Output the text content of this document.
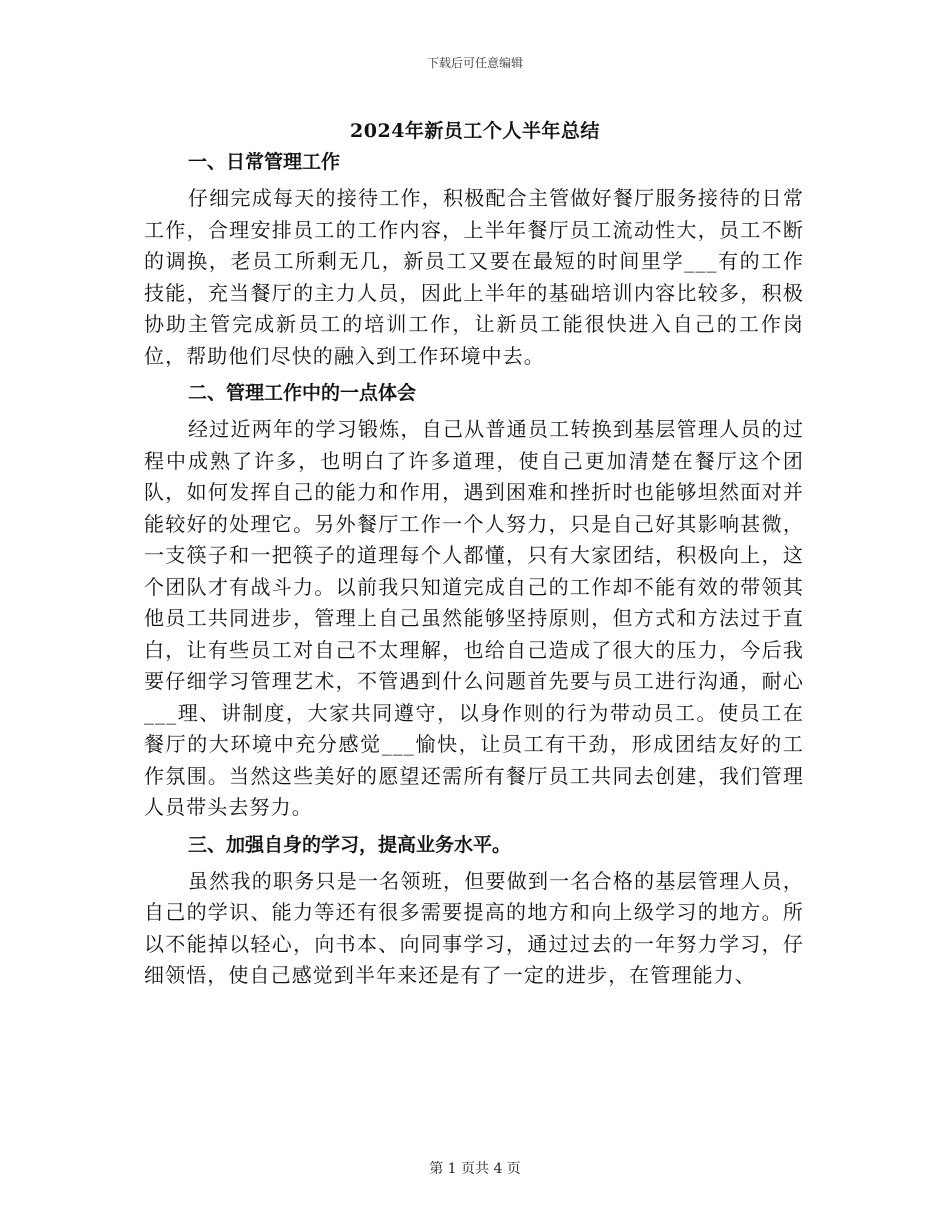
下载后可任意编辑
2024年新员工个人半年总结
一、日常管理工作

仔细完成每天的接待工作，积极配合主管做好餐厅服务接待的日常工作，合理安排员工的工作内容，上半年餐厅员工流动性大，员工不断的调换，老员工所剩无几，新员工又要在最短的时间里学___有的工作技能，充当餐厅的主力人员，因此上半年的基础培训内容比较多，积极协助主管完成新员工的培训工作，让新员工能很快进入自己的工作岗位，帮助他们尽快的融入到工作环境中去。

二、管理工作中的一点体会

经过近两年的学习锻炼，自己从普通员工转换到基层管理人员的过程中成熟了许多，也明白了许多道理，使自己更加清楚在餐厅这个团队，如何发挥自己的能力和作用，遇到困难和挫折时也能够坦然面对并能较好的处理它。另外餐厅工作一个人努力，只是自己好其影响甚微，一支筷子和一把筷子的道理每个人都懂，只有大家团结，积极向上，这个团队才有战斗力。以前我只知道完成自己的工作却不能有效的带领其他员工共同进步，管理上自己虽然能够坚持原则，但方式和方法过于直白，让有些员工对自己不太理解，也给自己造成了很大的压力，今后我要仔细学习管理艺术，不管遇到什么问题首先要与员工进行沟通，耐心___理、讲制度，大家共同遵守，以身作则的行为带动员工。使员工在餐厅的大环境中充分感觉___愉快，让员工有干劲，形成团结友好的工作氛围。当然这些美好的愿望还需所有餐厅员工共同去创建，我们管理人员带头去努力。

三、加强自身的学习，提高业务水平。

虽然我的职务只是一名领班，但要做到一名合格的基层管理人员，自己的学识、能力等还有很多需要提高的地方和向上级学习的地方。所以不能掉以轻心，向书本、向同事学习，通过过去的一年努力学习，仔细领悟，使自己感觉到半年来还是有了一定的进步，在管理能力、

第 1 页共 4 页
